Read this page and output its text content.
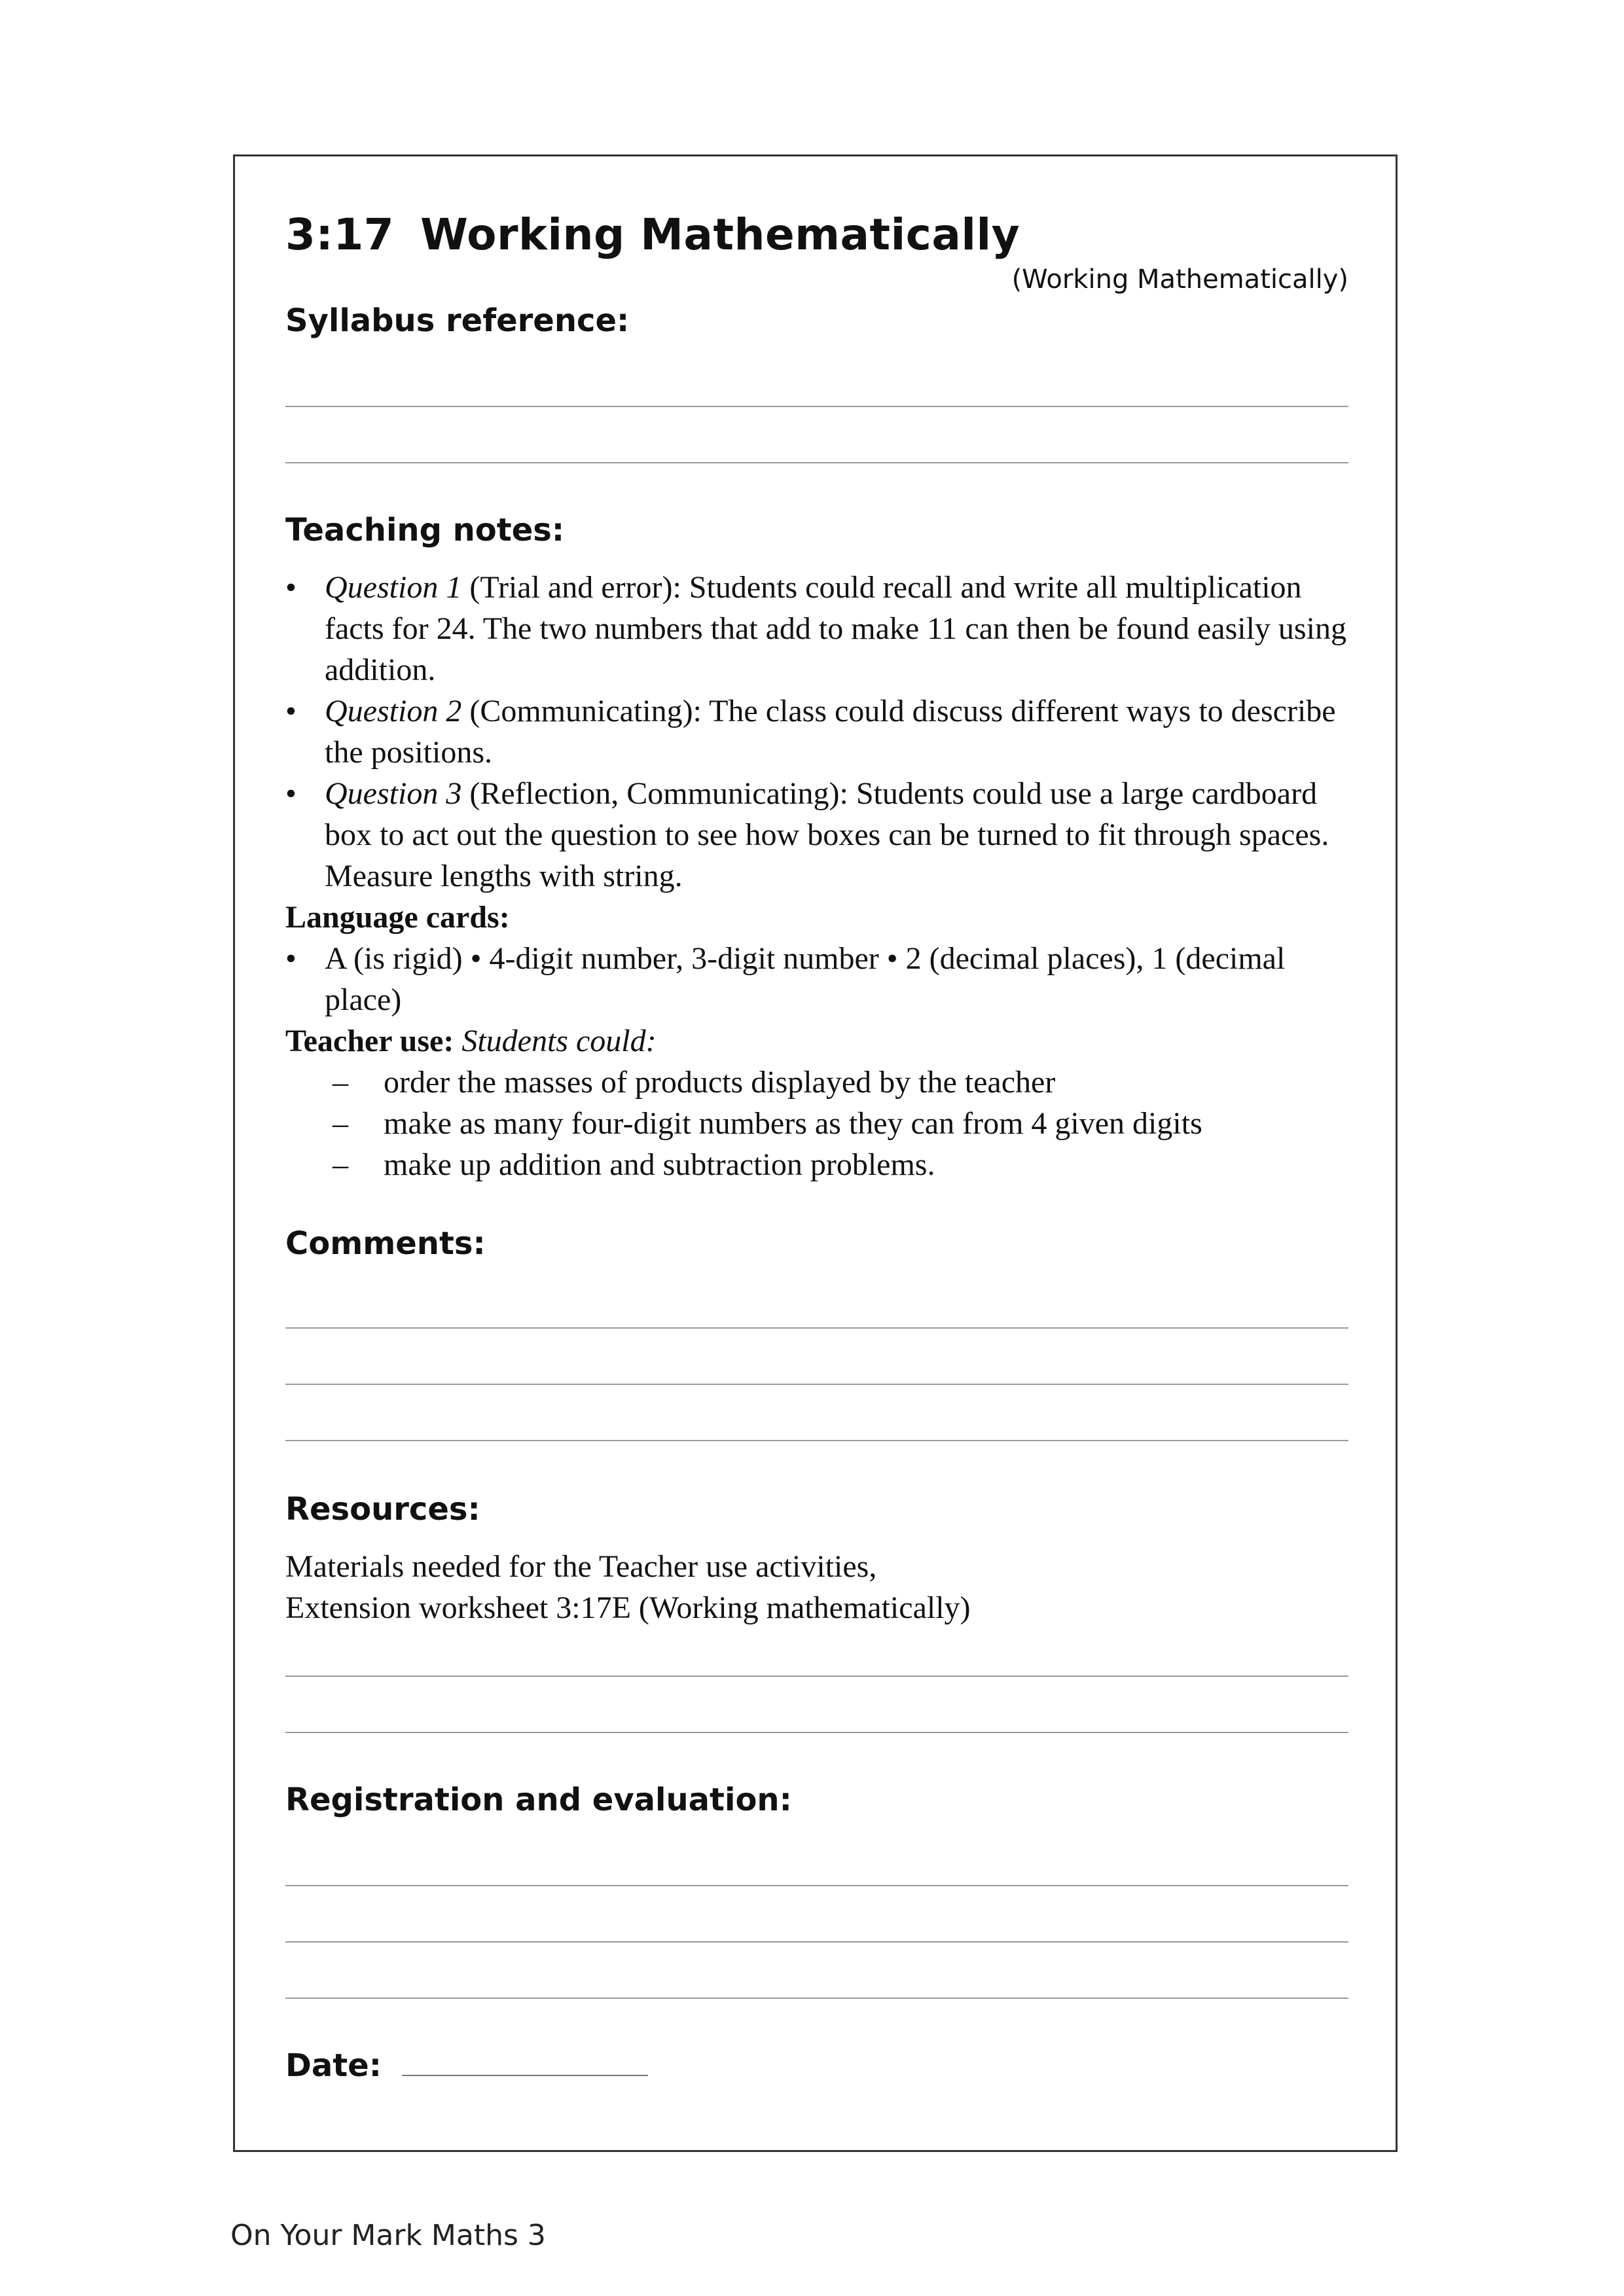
3:17 Working Mathematically
(Working Mathematically)
Syllabus reference:
Teaching notes:
• Question 1 (Trial and error): Students could recall and write all multiplication facts for 24. The two numbers that add to make 11 can then be found easily using addition.
• Question 2 (Communicating): The class could discuss different ways to describe the positions.
• Question 3 (Reflection, Communicating): Students could use a large cardboard box to act out the question to see how boxes can be turned to fit through spaces. Measure lengths with string.
Language cards:
• A (is rigid) • 4-digit number, 3-digit number • 2 (decimal places), 1 (decimal place)
Teacher use: Students could:
– order the masses of products displayed by the teacher
– make as many four-digit numbers as they can from 4 given digits
– make up addition and subtraction problems.
Comments:
Resources:
Materials needed for the Teacher use activities,
Extension worksheet 3:17E (Working mathematically)
Registration and evaluation:
Date:
On Your Mark Maths 3
